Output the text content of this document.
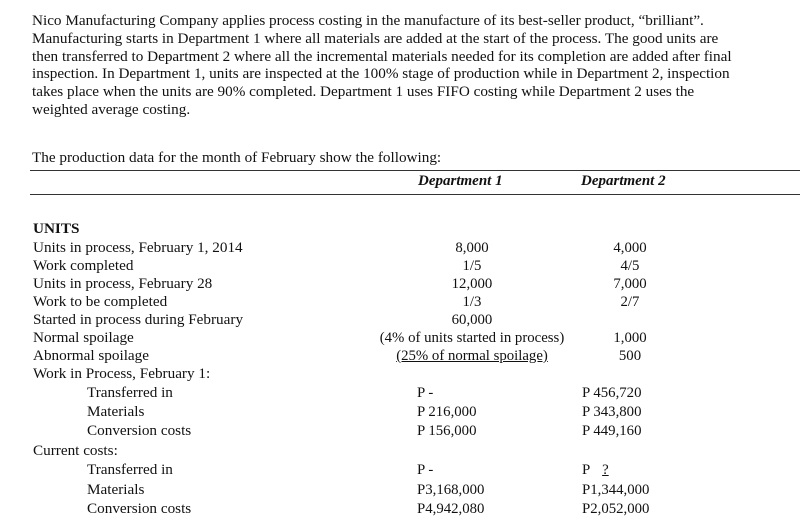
Nico Manufacturing Company applies process costing in the manufacture of its best-seller product, “brilliant”.
Manufacturing starts in Department 1 where all materials are added at the start of the process. The good units are
then transferred to Department 2 where all the incremental materials needed for its completion are added after final
inspection. In Department 1, units are inspected at the 100% stage of production while in Department 2, inspection
takes place when the units are 90% completed. Department 1 uses FIFO costing while Department 2 uses the
weighted average costing.
The production data for the month of February show the following:
Department 1	Department 2
UNITS
Units in process, February 1, 2014	8,000	4,000
Work completed	1/5	4/5
Units in process, February 28	12,000	7,000
Work to be completed	1/3	2/7
Started in process during February	60,000
Normal spoilage	(4% of units started in process)	1,000
Abnormal spoilage	(25% of normal spoilage)	500
Work in Process, February 1:
Transferred in	P -	P 456,720
Materials	P 216,000	P 343,800
Conversion costs	P 156,000	P 449,160
Current costs:
Transferred in	P -	P ?
Materials	P3,168,000	P1,344,000
Conversion costs	P4,942,080	P2,052,000
